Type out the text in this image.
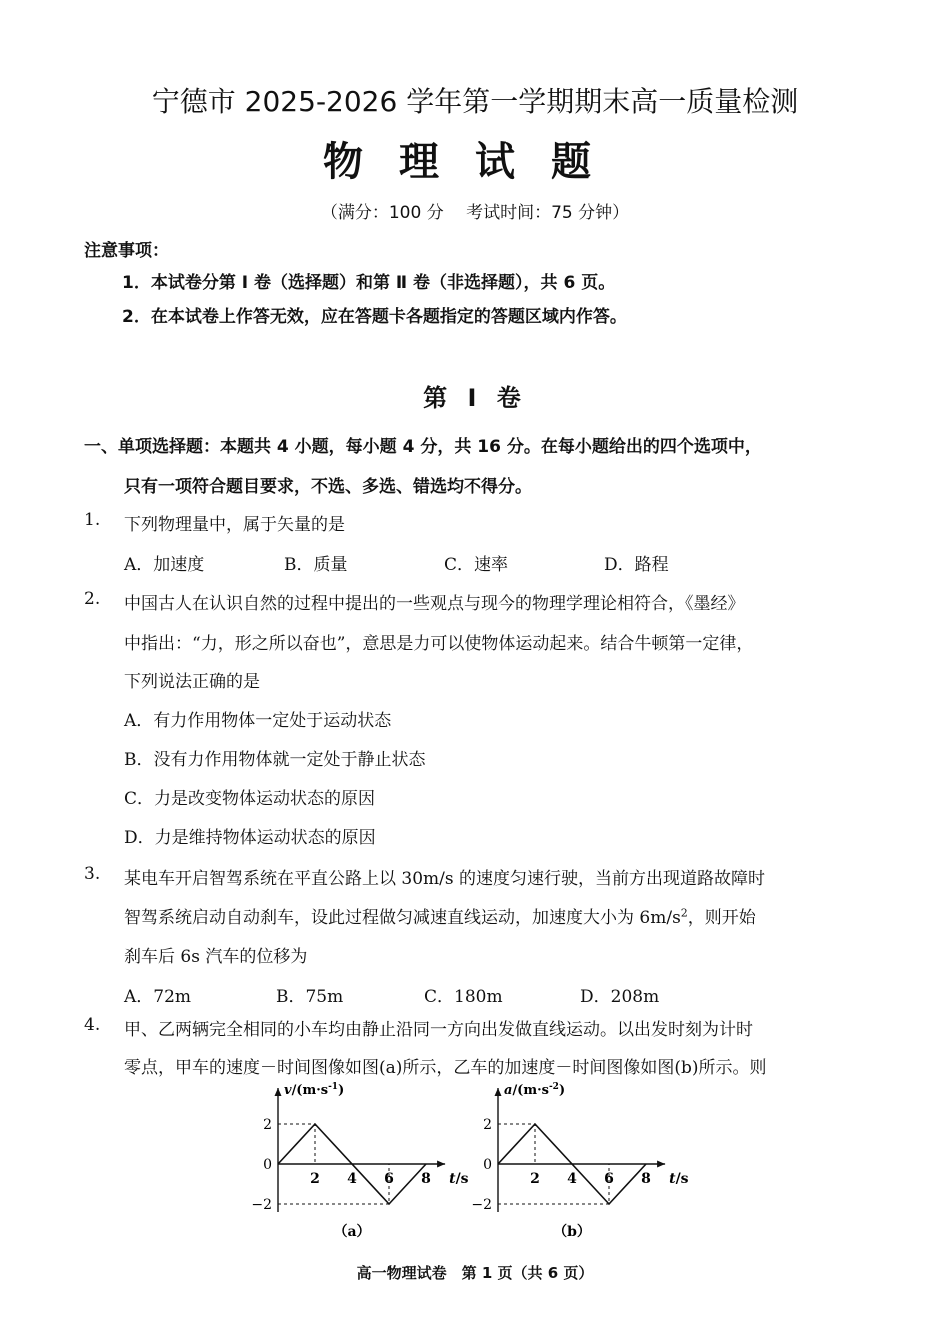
宁德市 2025-2026 学年第一学期期末高一质量检测
物理试题
（满分：100 分　 考试时间：75 分钟）
注意事项：
1．本试卷分第 Ⅰ 卷（选择题）和第 Ⅱ 卷（非选择题），共 6 页。
2．在本试卷上作答无效，应在答题卡各题指定的答题区域内作答。
第 Ⅰ 卷
一、单项选择题：本题共 4 小题，每小题 4 分，共 16 分。在每小题给出的四个选项中，
只有一项符合题目要求，不选、多选、错选均不得分。
1. 下列物理量中，属于矢量的是
A．加速度	B．质量	C．速率	D．路程
2. 中国古人在认识自然的过程中提出的一些观点与现今的物理学理论相符合，《墨经》
中指出：“力，形之所以奋也”，意思是力可以使物体运动起来。结合牛顿第一定律，
下列说法正确的是
A．有力作用物体一定处于运动状态
B．没有力作用物体就一定处于静止状态
C．力是改变物体运动状态的原因
D．力是维持物体运动状态的原因
3. 某电车开启智驾系统在平直公路上以 30m/s 的速度匀速行驶，当前方出现道路故障时
智驾系统启动自动刹车，设此过程做匀减速直线运动，加速度大小为 $6m/s^2$，则开始
刹车后 6s 汽车的位移为
A．72m	B．75m	C．180m	D．208m
4. 甲、乙两辆完全相同的小车均由静止沿同一方向出发做直线运动。以出发时刻为计时
零点，甲车的速度－时间图像如图(a)所示，乙车的加速度－时间图像如图(b)所示。则
2
0
−2
2 4 6 8
$v/(m\cdot s^{-1})$
t/s
（a）
2
0
−2
2 4 6 8
$a/(m\cdot s^{-2})$
t/s
（b）
高一物理试卷　第 1 页（共 6 页）
